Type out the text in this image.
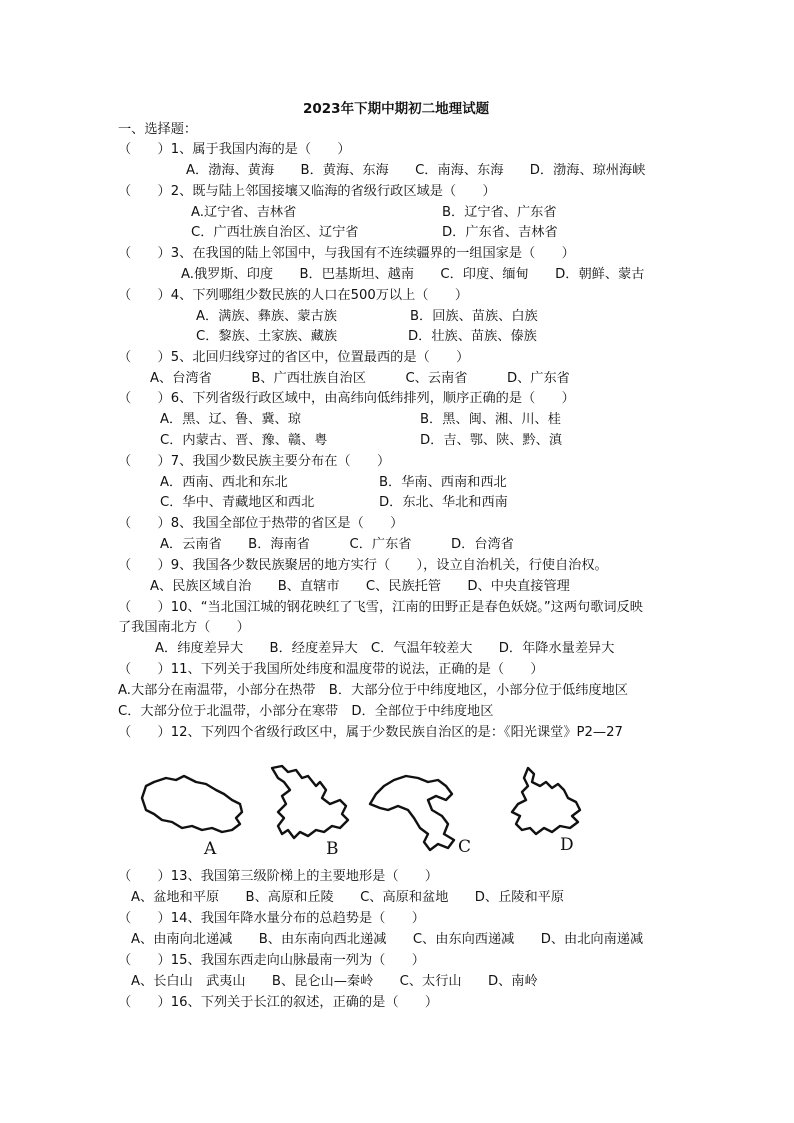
2023年下期中期初二地理试题
一、选择题：
（　　）1、属于我国内海的是（　　）
A．渤海、黄海　　B．黄海、东海　　C．南海、东海　　D．渤海、琼州海峡
（　　）2、既与陆上邻国接壤又临海的省级行政区域是（　　）
A.辽宁省、吉林省	B．辽宁省、广东省
C．广西壮族自治区、辽宁省	D．广东省、吉林省
（　　）3、在我国的陆上邻国中，与我国有不连续疆界的一组国家是（　　）
A.俄罗斯、印度　　B．巴基斯坦、越南　　C．印度、缅甸　　D．朝鲜、蒙古
（　　）4、下列哪组少数民族的人口在500万以上（　　）
A．满族、彝族、蒙古族	B．回族、苗族、白族
C．黎族、土家族、藏族	D．壮族、苗族、傣族
（　　）5、北回归线穿过的省区中，位置最西的是（　　）
A、台湾省　　　B、广西壮族自治区　　　C、云南省　　　D、广东省
（　　）6、下列省级行政区域中，由高纬向低纬排列，顺序正确的是（　　）
A．黑、辽、鲁、冀、琼	B．黑、闽、湘、川、桂
C．内蒙古、晋、豫、赣、粤	D．吉、鄂、陕、黔、滇
（　　）7、我国少数民族主要分布在（　　）
A．西南、西北和东北	B．华南、西南和西北
C．华中、青藏地区和西北	D．东北、华北和西南
（　　）8、我国全部位于热带的省区是（　　）
A．云南省　　B．海南省　　　C．广东省　　　D．台湾省
（　　）9、我国各少数民族聚居的地方实行（　　），设立自治机关，行使自治权。
A、民族区域自治　　B、直辖市　　C、民族托管　　D、中央直接管理
（　　）10、“当北国江城的钢花映红了飞雪，江南的田野正是春色妖娆。”这两句歌词反映
了我国南北方（　　）
A．纬度差异大　　B．经度差异大　C．气温年较差大　　D．年降水量差异大
（　　）11、下列关于我国所处纬度和温度带的说法，正确的是（　　）
A.大部分在南温带，小部分在热带　B．大部分位于中纬度地区，小部分位于低纬度地区
C．大部分位于北温带，小部分在寒带　D．全部位于中纬度地区
（　　）12、下列四个省级行政区中，属于少数民族自治区的是：《阳光课堂》P2—27
A	B	C	D
（　　）13、我国第三级阶梯上的主要地形是（　　）
A、盆地和平原　　B、高原和丘陵　　C、高原和盆地　　D、丘陵和平原
（　　）14、我国年降水量分布的总趋势是（　　）
A、由南向北递减　　B、由东南向西北递减　　C、由东向西递减　　D、由北向南递减
（　　）15、我国东西走向山脉最南一列为（　　）
A、长白山　武夷山　　B、昆仑山—秦岭　　C、太行山　　D、南岭
（　　）16、下列关于长江的叙述，正确的是（　　）
